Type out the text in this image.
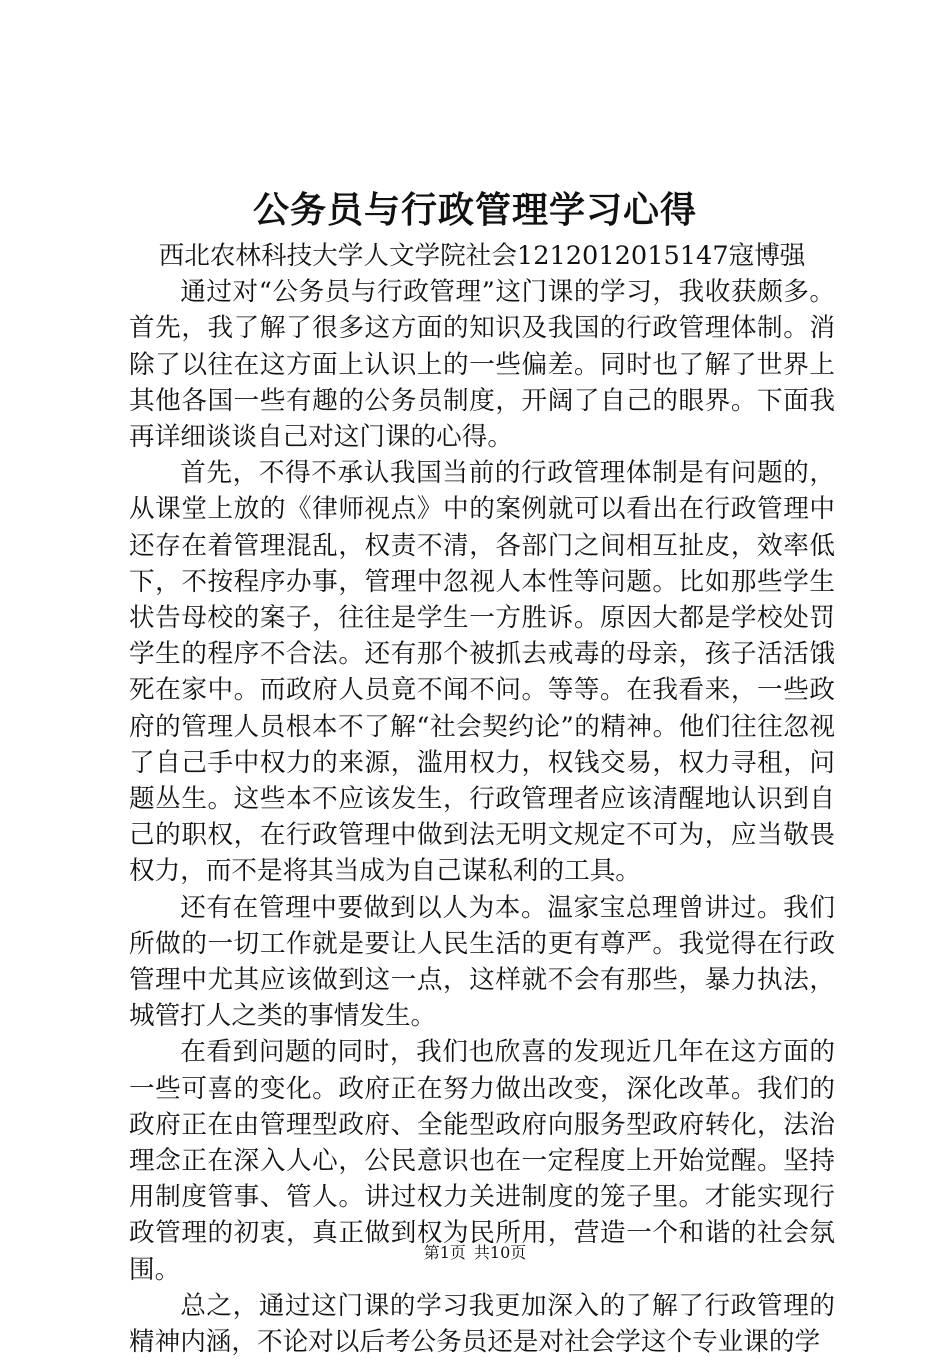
公务员与行政管理学习心得

西北农林科技大学人文学院社会1212012015147寇博强

通过对“公务员与行政管理”这门课的学习，我收获颇多。首先，我了解了很多这方面的知识及我国的行政管理体制。消除了以往在这方面上认识上的一些偏差。同时也了解了世界上其他各国一些有趣的公务员制度，开阔了自己的眼界。下面我再详细谈谈自己对这门课的心得。

首先，不得不承认我国当前的行政管理体制是有问题的，从课堂上放的《律师视点》中的案例就可以看出在行政管理中还存在着管理混乱，权责不清，各部门之间相互扯皮，效率低下，不按程序办事，管理中忽视人本性等问题。比如那些学生状告母校的案子，往往是学生一方胜诉。原因大都是学校处罚学生的程序不合法。还有那个被抓去戒毒的母亲，孩子活活饿死在家中。而政府人员竟不闻不问。等等。在我看来，一些政府的管理人员根本不了解“社会契约论”的精神。他们往往忽视了自己手中权力的来源，滥用权力，权钱交易，权力寻租，问题丛生。这些本不应该发生，行政管理者应该清醒地认识到自己的职权，在行政管理中做到法无明文规定不可为，应当敬畏权力，而不是将其当成为自己谋私利的工具。

还有在管理中要做到以人为本。温家宝总理曾讲过。我们所做的一切工作就是要让人民生活的更有尊严。我觉得在行政管理中尤其应该做到这一点，这样就不会有那些，暴力执法，城管打人之类的事情发生。

在看到问题的同时，我们也欣喜的发现近几年在这方面的一些可喜的变化。政府正在努力做出改变，深化改革。我们的政府正在由管理型政府、全能型政府向服务型政府转化，法治理念正在深入人心，公民意识也在一定程度上开始觉醒。坚持用制度管事、管人。讲过权力关进制度的笼子里。才能实现行政管理的初衷，真正做到权为民所用，营造一个和谐的社会氛围。

总之，通过这门课的学习我更加深入的了解了行政管理的精神内涵，不论对以后考公务员还是对社会学这个专业课的学

第1页 共10页
